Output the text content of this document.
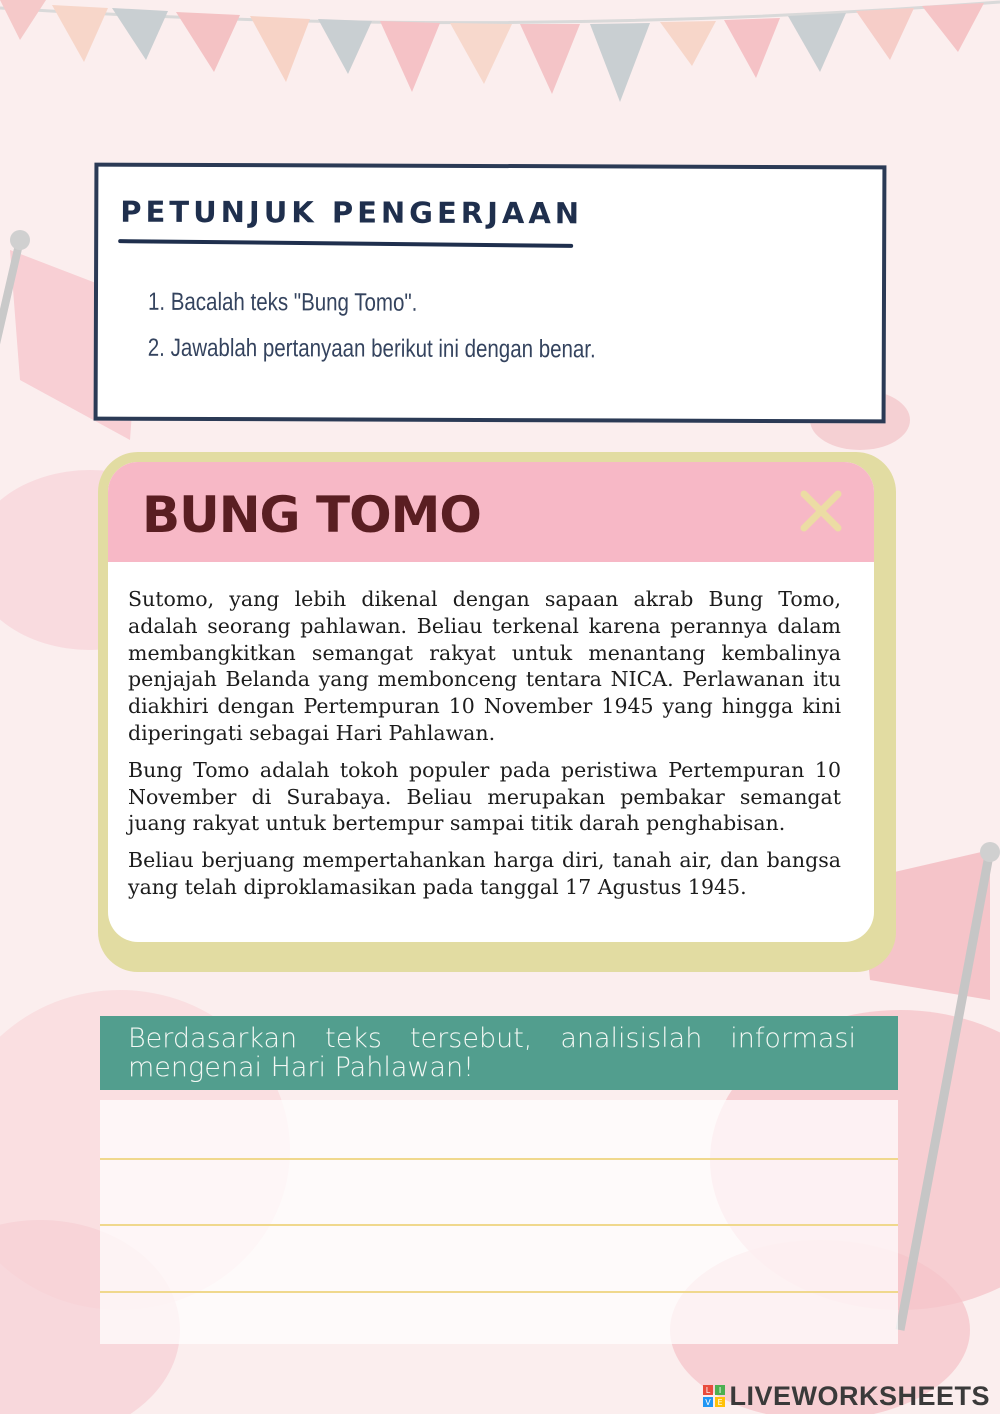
PETUNJUK PENGERJAAN
1. Bacalah teks "Bung Tomo".
2. Jawablah pertanyaan berikut ini dengan benar.
BUNG TOMO

Sutomo, yang lebih dikenal dengan sapaan akrab Bung Tomo, adalah seorang pahlawan. Beliau terkenal karena perannya dalam membangkitkan semangat rakyat untuk menantang kembalinya penjajah Belanda yang membonceng tentara NICA. Perlawanan itu diakhiri dengan Pertempuran 10 November 1945 yang hingga kini diperingati sebagai Hari Pahlawan.

Bung Tomo adalah tokoh populer pada peristiwa Pertempuran 10 November di Surabaya. Beliau merupakan pembakar semangat juang rakyat untuk bertempur sampai titik darah penghabisan.

Beliau berjuang mempertahankan harga diri, tanah air, dan bangsa yang telah diproklamasikan pada tanggal 17 Agustus 1945.

Berdasarkan teks tersebut, analisislah informasi mengenai Hari Pahlawan!
L I
V E LIVEWORKSHEETS
